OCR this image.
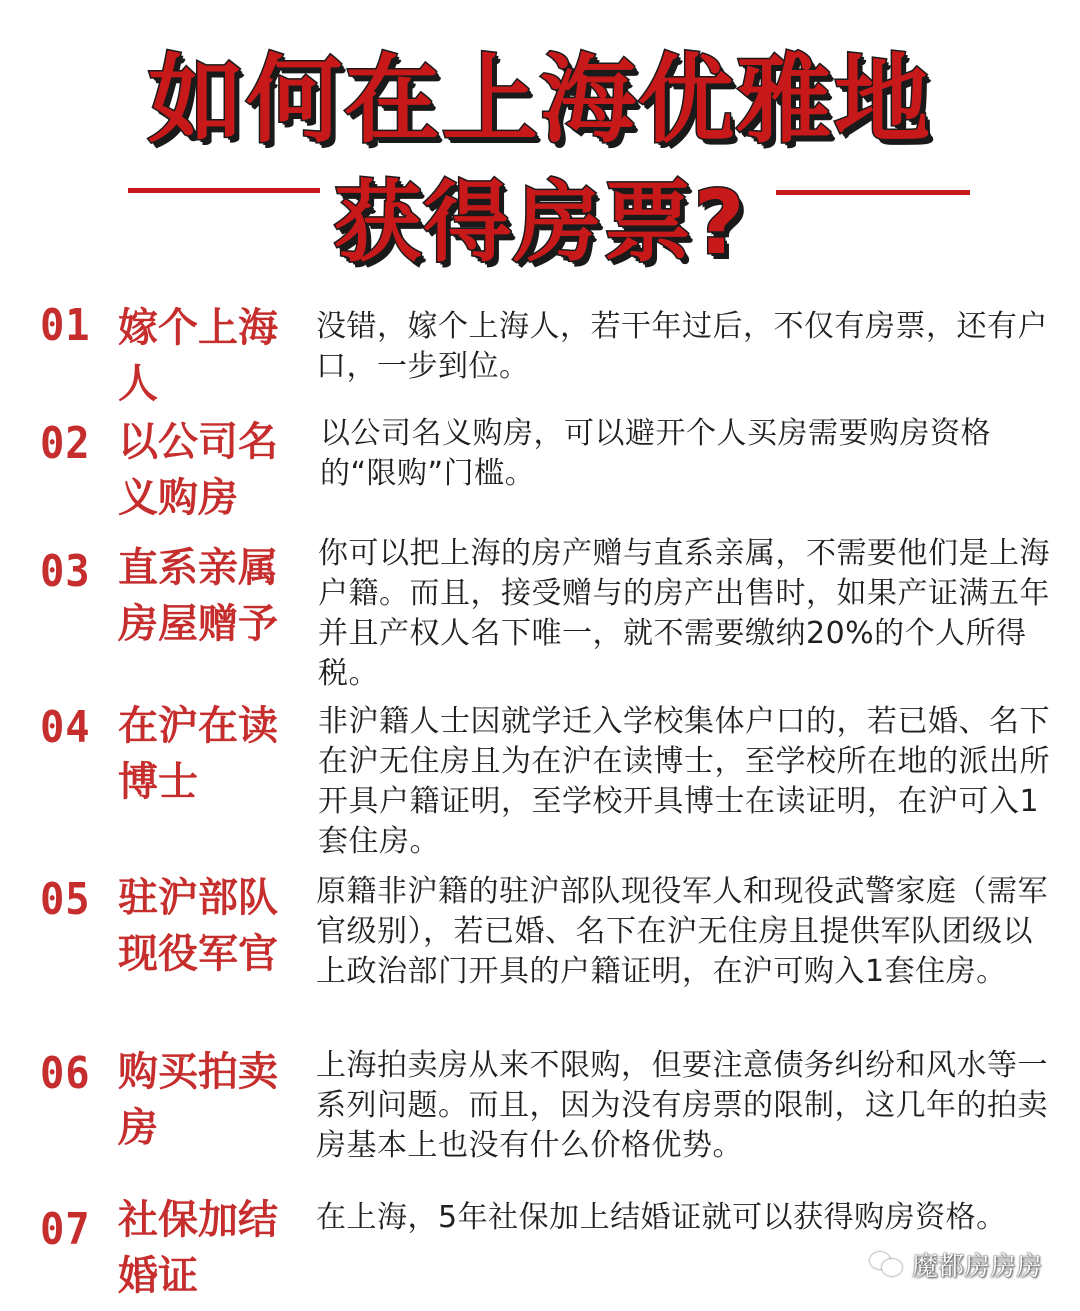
如何在上海优雅地
获得房票?
01 嫁个上海人
没错，嫁个上海人，若干年过后，不仅有房票，还有户口，一步到位。
02 以公司名义购房
以公司名义购房，可以避开个人买房需要购房资格的“限购”门槛。
03 直系亲属房屋赠予
你可以把上海的房产赠与直系亲属，不需要他们是上海户籍。而且，接受赠与的房产出售时，如果产证满五年并且产权人名下唯一，就不需要缴纳20%的个人所得税。
04 在沪在读博士
非沪籍人士因就学迁入学校集体户口的，若已婚、名下在沪无住房且为在沪在读博士，至学校所在地的派出所开具户籍证明，至学校开具博士在读证明，在沪可入1套住房。
05 驻沪部队现役军官
原籍非沪籍的驻沪部队现役军人和现役武警家庭（需军官级别），若已婚、名下在沪无住房且提供军队团级以上政治部门开具的户籍证明，在沪可购入1套住房。
06 购买拍卖房
上海拍卖房从来不限购，但要注意债务纠纷和风水等一系列问题。而且，因为没有房票的限制，这几年的拍卖房基本上也没有什么价格优势。
07 社保加结婚证
在上海，5年社保加上结婚证就可以获得购房资格。
魔都房房房
